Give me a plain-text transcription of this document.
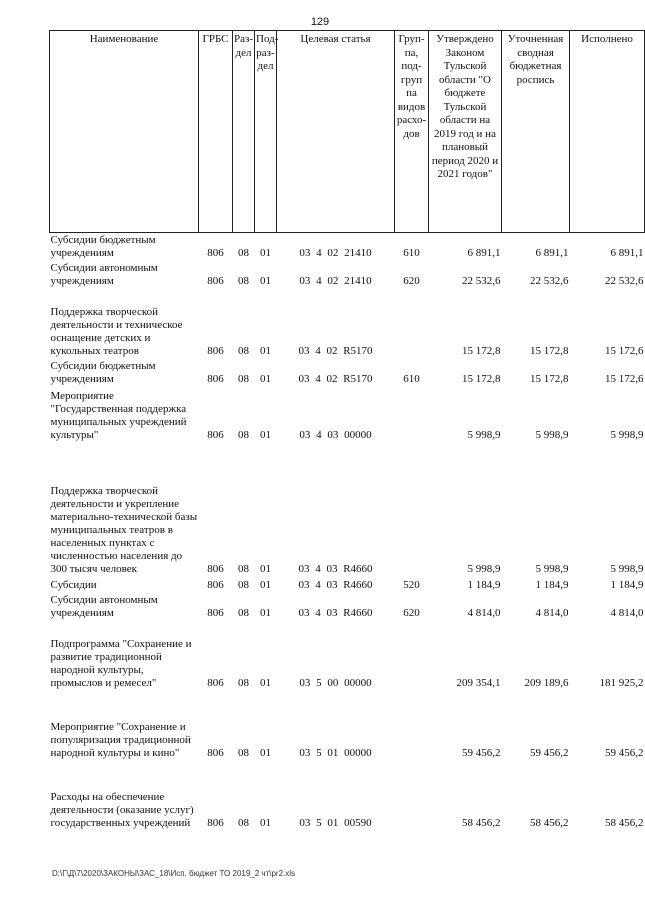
129
Наименование	ГРБС	Раз-дел	Под-раз-дел	Целевая статья	Груп-па, под-груп па видов расхо-дов	Утверждено Законом Тульской области "О бюджете Тульской области на 2019 год и на плановый период 2020 и 2021 годов"	Уточненная сводная бюджетная роспись	Исполнено
Субсидии бюджетным учреждениям	806	08	01	03 4 02 21410	610	6 891,1	6 891,1	6 891,1
Субсидии автономным учреждениям	806	08	01	03 4 02 21410	620	22 532,6	22 532,6	22 532,6
Поддержка творческой деятельности и техническое оснащение детских и кукольных театров	806	08	01	03 4 02 R5170		15 172,8	15 172,8	15 172,6
Субсидии бюджетным учреждениям	806	08	01	03 4 02 R5170	610	15 172,8	15 172,8	15 172,6
Мероприятие "Государственная поддержка муниципальных учреждений культуры"	806	08	01	03 4 03 00000		5 998,9	5 998,9	5 998,9
Поддержка творческой деятельности и укрепление материально-технической базы муниципальных театров в населенных пунктах с численностью населения до 300 тысяч человек	806	08	01	03 4 03 R4660		5 998,9	5 998,9	5 998,9
Субсидии	806	08	01	03 4 03 R4660	520	1 184,9	1 184,9	1 184,9
Субсидии автономным учреждениям	806	08	01	03 4 03 R4660	620	4 814,0	4 814,0	4 814,0
Подпрограмма "Сохранение и развитие традиционной народной культуры, промыслов и ремесел"	806	08	01	03 5 00 00000		209 354,1	209 189,6	181 925,2
Мероприятие "Сохранение и популяризация традиционной народной культуры и кино"	806	08	01	03 5 01 00000		59 456,2	59 456,2	59 456,2
Расходы на обеспечение деятельности (оказание услуг) государственных учреждений	806	08	01	03 5 01 00590		58 456,2	58 456,2	58 456,2
D:\Г\Д\7\2020\ЗАКОНЫ\ЗАС_18\Исп. бюджет ТО 2019_2 чт\pr2.xls
